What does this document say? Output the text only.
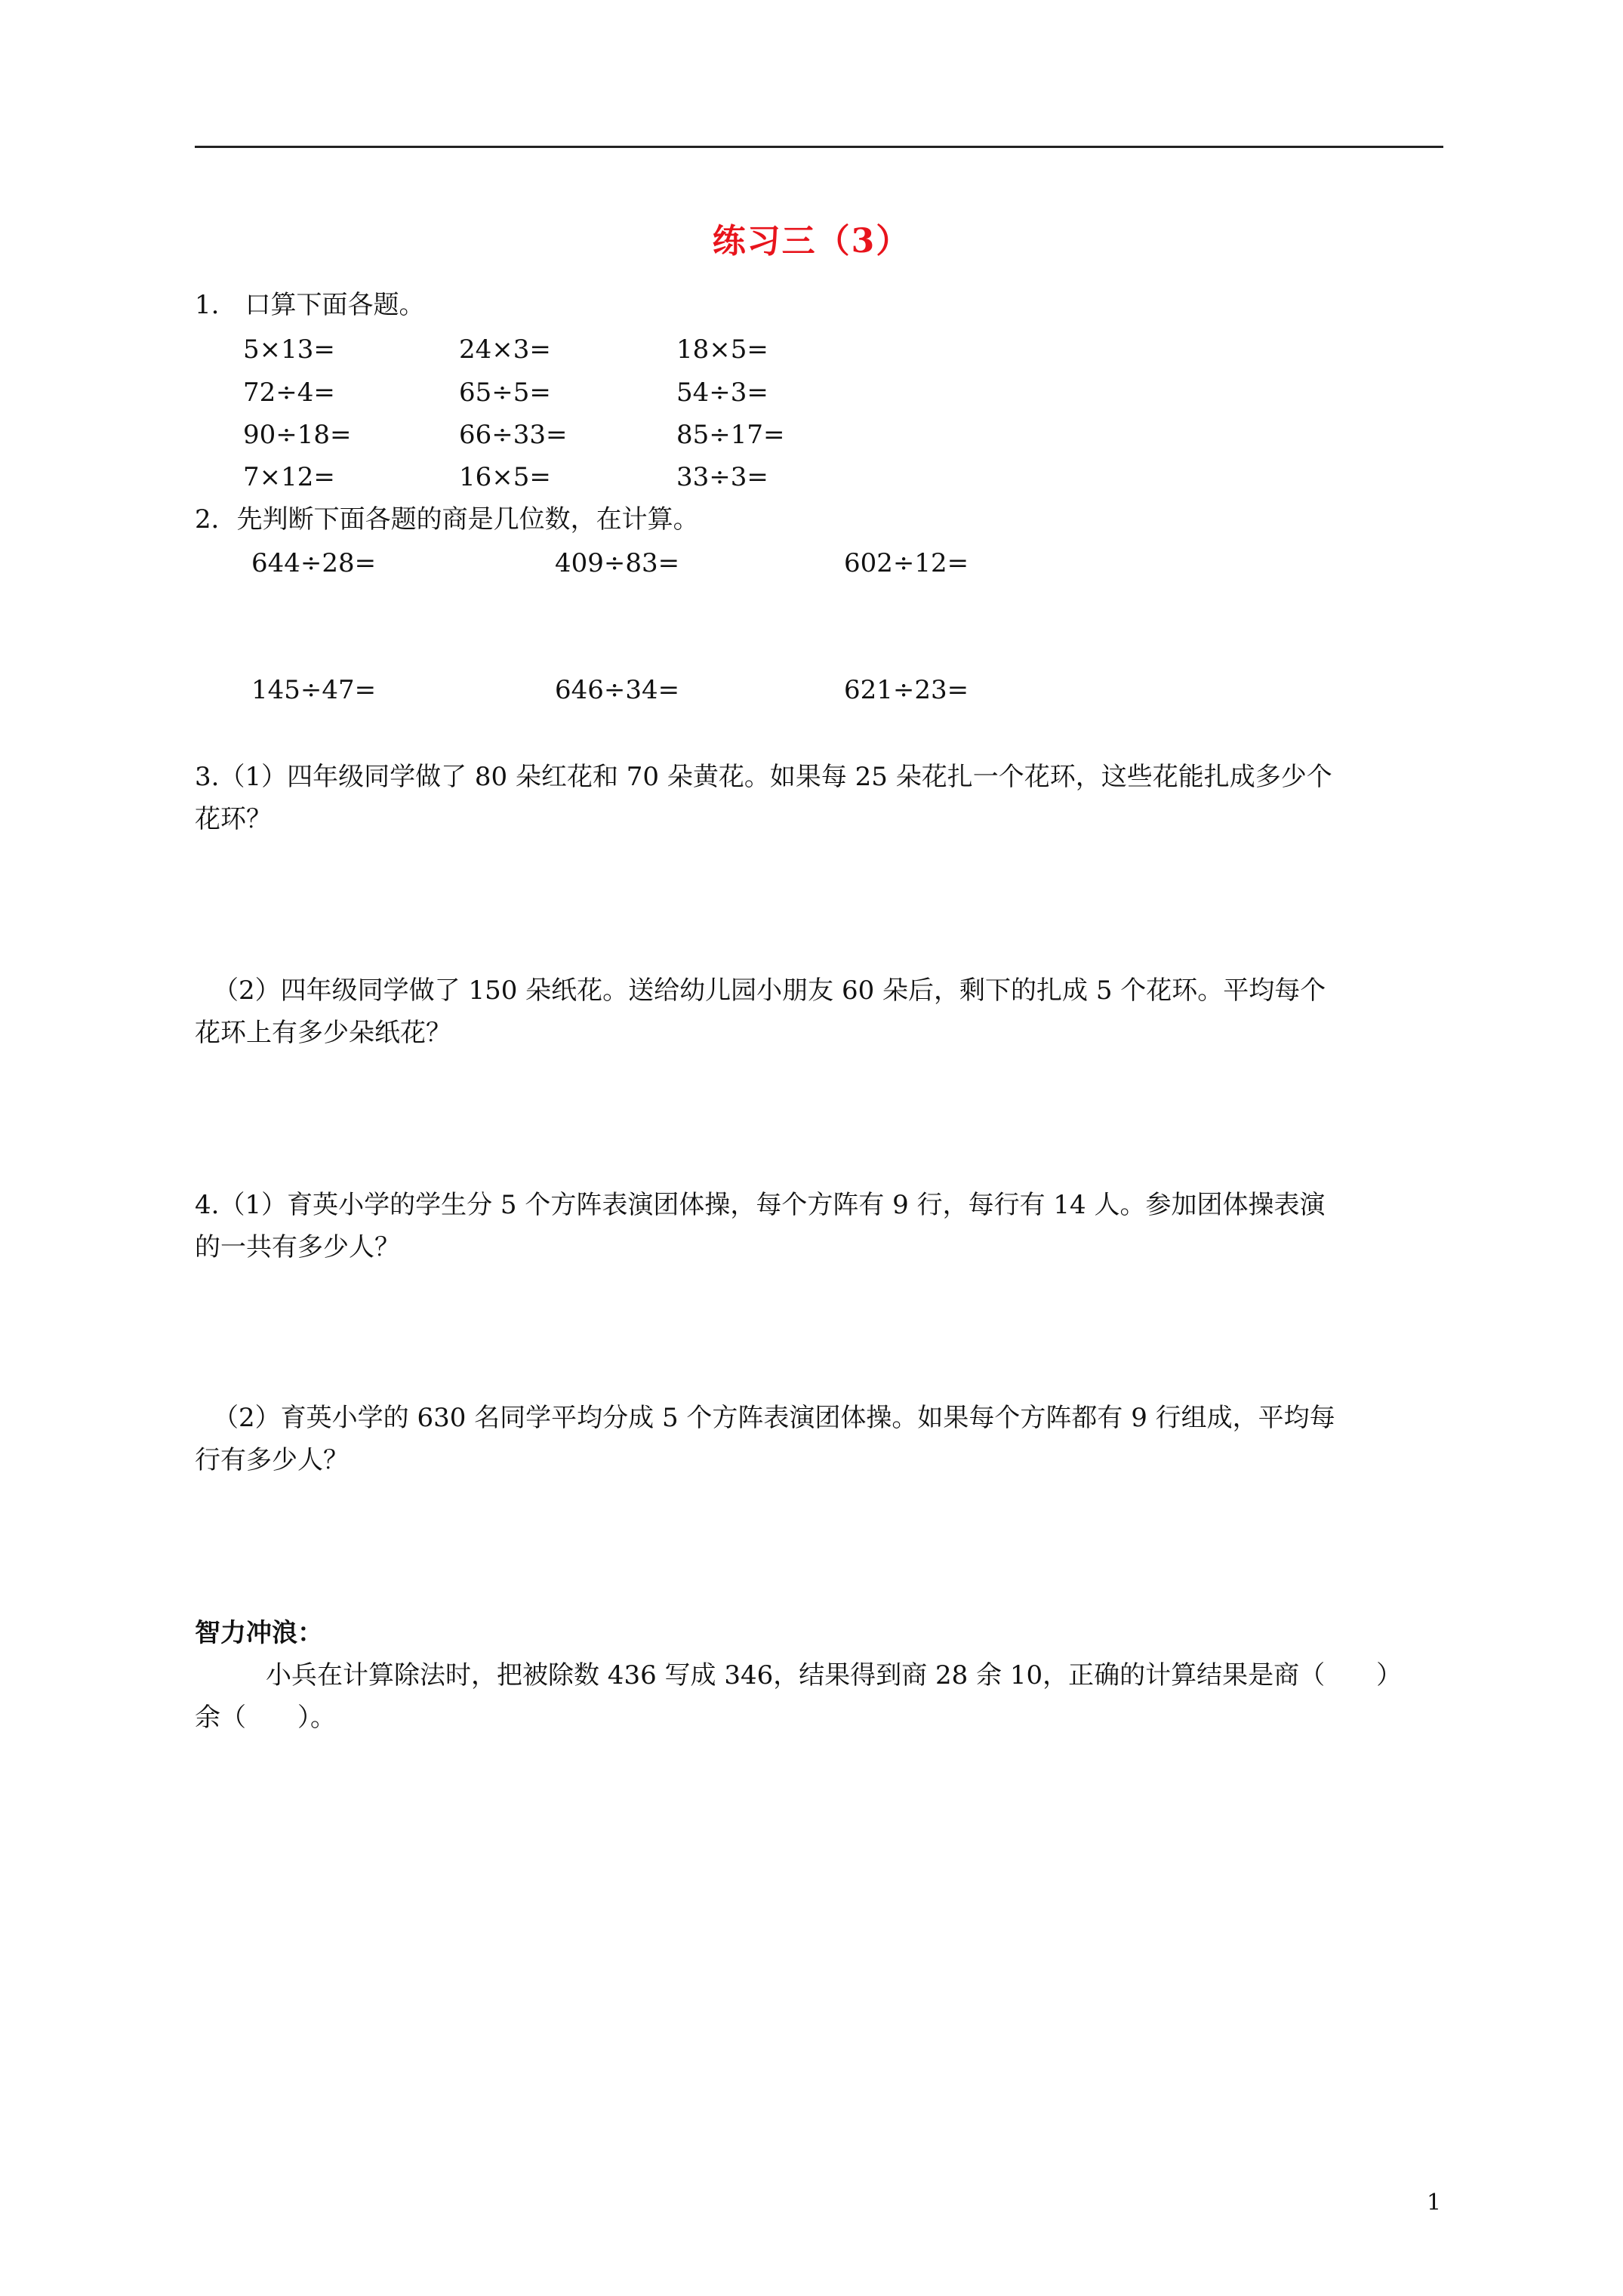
练习三（3）
1.　口算下面各题。
5×13=	24×3=	18×5=
72÷4=	65÷5=	54÷3=
90÷18=	66÷33=	85÷17=
7×12=	16×5=	33÷3=
2．先判断下面各题的商是几位数，在计算。
644÷28=	409÷83=	602÷12=
145÷47=	646÷34=	621÷23=
3.（1）四年级同学做了 80 朵红花和 70 朵黄花。如果每 25 朵花扎一个花环，这些花能扎成多少个
花环？
（2）四年级同学做了 150 朵纸花。送给幼儿园小朋友 60 朵后，剩下的扎成 5 个花环。平均每个
花环上有多少朵纸花？
4.（1）育英小学的学生分 5 个方阵表演团体操，每个方阵有 9 行，每行有 14 人。参加团体操表演
的一共有多少人？
（2）育英小学的 630 名同学平均分成 5 个方阵表演团体操。如果每个方阵都有 9 行组成，平均每
行有多少人？
智力冲浪：
小兵在计算除法时，把被除数 436 写成 346，结果得到商 28 余 10，正确的计算结果是商（　　）
余（　　）。
1
